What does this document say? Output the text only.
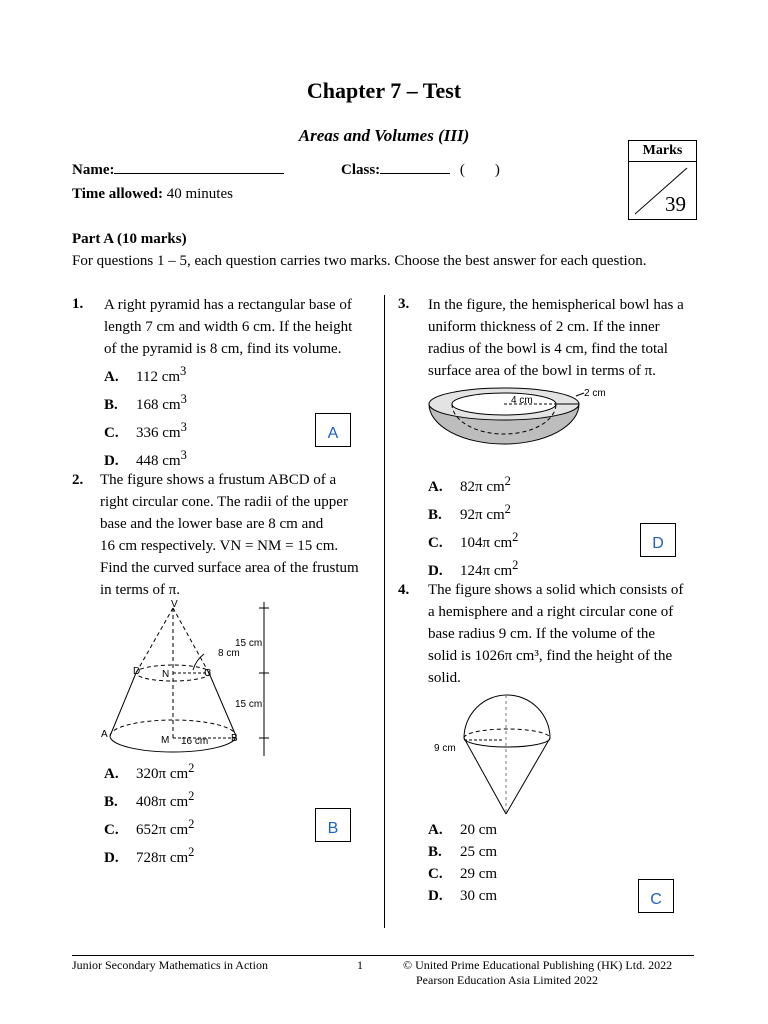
Chapter 7 – Test
Areas and Volumes (III)
Marks
39
Name:	Class:	(        )
Time allowed: 40 minutes
Part A (10 marks)
For questions 1 – 5, each question carries two marks. Choose the best answer for each question.
1. A right pyramid has a rectangular base of
length 7 cm and width 6 cm. If the height
of the pyramid is 8 cm, find its volume.
A. 112 $cm^3$
B. 168 $cm^3$
C. 336 $cm^3$
D. 448 $cm^3$
A
2. The figure shows a frustum ABCD of a
right circular cone. The radii of the upper
base and the lower base are 8 cm and
16 cm respectively. VN = NM = 15 cm.
Find the curved surface area of the frustum
in terms of π.
V
D N	C
A
M	B
15 cm
15 cm
8 cm
16 cm
A. 320π $cm^2$
B. 408π $cm^2$
C. 652π $cm^2$
D. 728π $cm^2$
B
3. In the figure, the hemispherical bowl has a
uniform thickness of 2 cm. If the inner
radius of the bowl is 4 cm, find the total
surface area of the bowl in terms of π.
4 cm
2 cm
A. 82π $cm^2$
B. 92π $cm^2$
C. 104π $cm^2$
D. 124π $cm^2$
D
4. The figure shows a solid which consists of
a hemisphere and a right circular cone of
base radius 9 cm. If the volume of the
solid is 1026π cm³, find the height of the
solid.
9 cm
A. 20 cm
B. 25 cm
C. 29 cm
D. 30 cm	C
Junior Secondary Mathematics in Action	1	© United Prime Educational Publishing (HK) Ltd. 2022
Pearson Education Asia Limited 2022
